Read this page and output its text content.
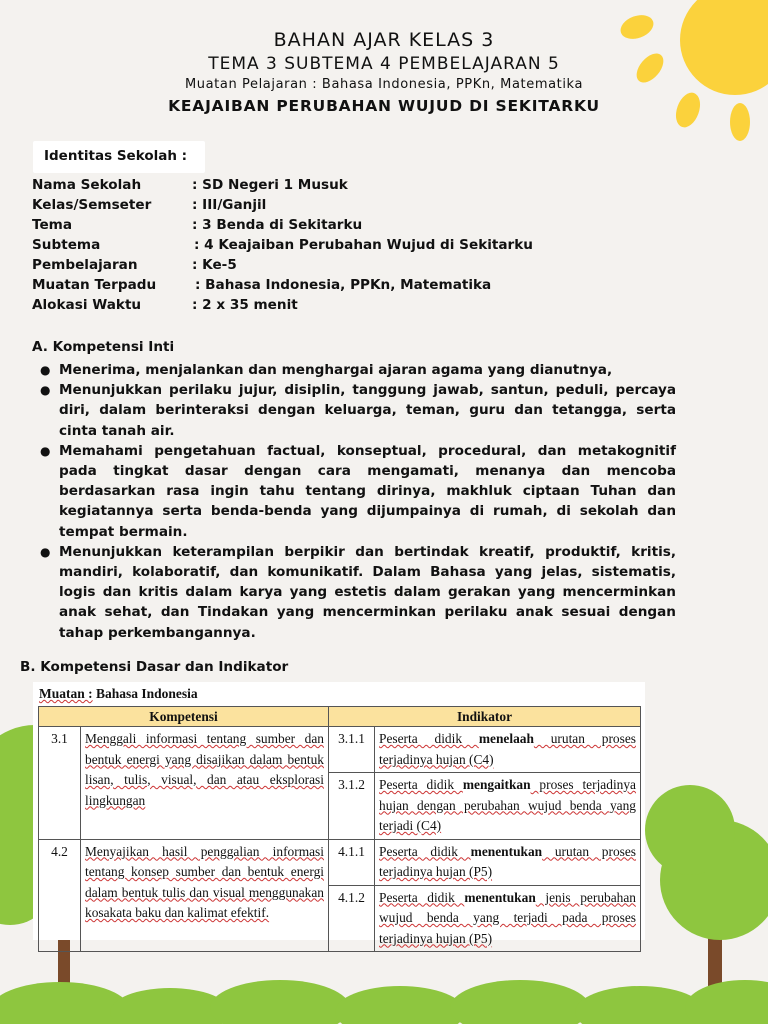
BAHAN AJAR KELAS 3
TEMA 3 SUBTEMA 4 PEMBELAJARAN 5
Muatan Pelajaran : Bahasa Indonesia, PPKn, Matematika
KEAJAIBAN PERUBAHAN WUJUD DI SEKITARKU
Identitas Sekolah :
Nama Sekolah	: SD Negeri 1 Musuk
Kelas/Semseter	: III/Ganjil
Tema	: 3 Benda di Sekitarku
Subtema	: 4 Keajaiban Perubahan Wujud di Sekitarku
Pembelajaran	: Ke-5
Muatan Terpadu	: Bahasa Indonesia, PPKn, Matematika
Alokasi Waktu	: 2 x 35 menit
A. Kompetensi Inti
● Menerima, menjalankan dan menghargai ajaran agama yang dianutnya,
● Menunjukkan perilaku jujur, disiplin, tanggung jawab, santun, peduli, percaya diri, dalam berinteraksi dengan keluarga, teman, guru dan tetangga, serta cinta tanah air.
● Memahami pengetahuan factual, konseptual, procedural, dan metakognitif pada tingkat dasar dengan cara mengamati, menanya dan mencoba berdasarkan rasa ingin tahu tentang dirinya, makhluk ciptaan Tuhan dan kegiatannya serta benda-benda yang dijumpainya di rumah, di sekolah dan tempat bermain.
● Menunjukkan keterampilan berpikir dan bertindak kreatif, produktif, kritis, mandiri, kolaboratif, dan komunikatif. Dalam Bahasa yang jelas, sistematis, logis dan kritis dalam karya yang estetis dalam gerakan yang mencerminkan anak sehat, dan Tindakan yang mencerminkan perilaku anak sesuai dengan tahap perkembangannya.
B. Kompetensi Dasar dan Indikator
Muatan : Bahasa Indonesia
Kompetensi		Indikator	
3.1	Menggali informasi tentang sumber dan bentuk energi yang disajikan dalam bentuk lisan, tulis, visual, dan atau eksplorasi lingkungan	3.1.1	Peserta didik menelaah urutan proses terjadinya hujan (C4)
		3.1.2	Peserta didik mengaitkan proses terjadinya hujan dengan perubahan wujud benda yang terjadi (C4)
4.2	Menyajikan hasil penggalian informasi tentang konsep sumber dan bentuk energi dalam bentuk tulis dan visual menggunakan kosakata baku dan kalimat efektif.	4.1.1	Peserta didik menentukan urutan proses terjadinya hujan (P5)
		4.1.2	Peserta didik menentukan jenis perubahan wujud benda yang terjadi pada proses terjadinya hujan (P5)
